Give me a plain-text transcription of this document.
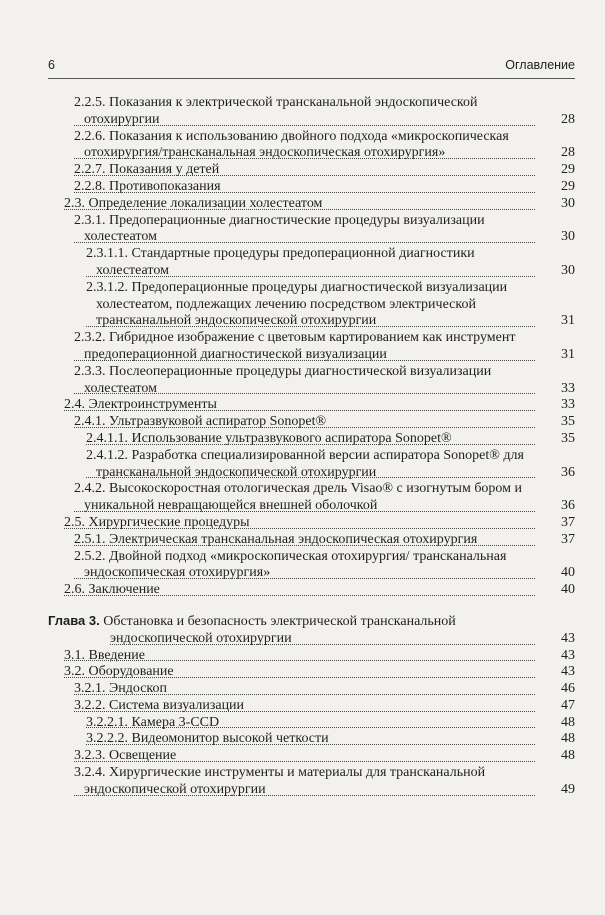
6	Оглавление
2.2.5. Показания к электрической трансканальной эндоскопической отохирургии	28
2.2.6. Показания к использованию двойного подхода «микроскопическая отохирургия/трансканальная эндоскопическая отохирургия»	28
2.2.7. Показания у детей	29
2.2.8. Противопоказания	29
2.3. Определение локализации холестеатом	30
2.3.1. Предоперационные диагностические процедуры визуализации холестеатом	30
2.3.1.1. Стандартные процедуры предоперационной диагностики холестеатом	30
2.3.1.2. Предоперационные процедуры диагностической визуализации холестеатом, подлежащих лечению посредством электрической трансканальной эндоскопической отохирургии	31
2.3.2. Гибридное изображение с цветовым картированием как инструмент предоперационной диагностической визуализации	31
2.3.3. Послеоперационные процедуры диагностической визуализации холестеатом	33
2.4. Электроинструменты	33
2.4.1. Ультразвуковой аспиратор Sonopet®	35
2.4.1.1. Использование ультразвукового аспиратора Sonopet®	35
2.4.1.2. Разработка специализированной версии аспиратора Sonopet® для трансканальной эндоскопической отохирургии	36
2.4.2. Высокоскоростная отологическая дрель Visao® с изогнутым бором и уникальной невращающейся внешней оболочкой	36
2.5. Хирургические процедуры	37
2.5.1. Электрическая трансканальная эндоскопическая отохирургия	37
2.5.2. Двойной подход «микроскопическая отохирургия/ трансканальная эндоскопическая отохирургия»	40
2.6. Заключение	40
Глава 3. Обстановка и безопасность электрической трансканальной эндоскопической отохирургии	43
3.1. Введение	43
3.2. Оборудование	43
3.2.1. Эндоскоп	46
3.2.2. Система визуализации	47
3.2.2.1. Камера 3-CCD	48
3.2.2.2. Видеомонитор высокой четкости	48
3.2.3. Освещение	48
3.2.4. Хирургические инструменты и материалы для трансканальной эндоскопической отохирургии	49
